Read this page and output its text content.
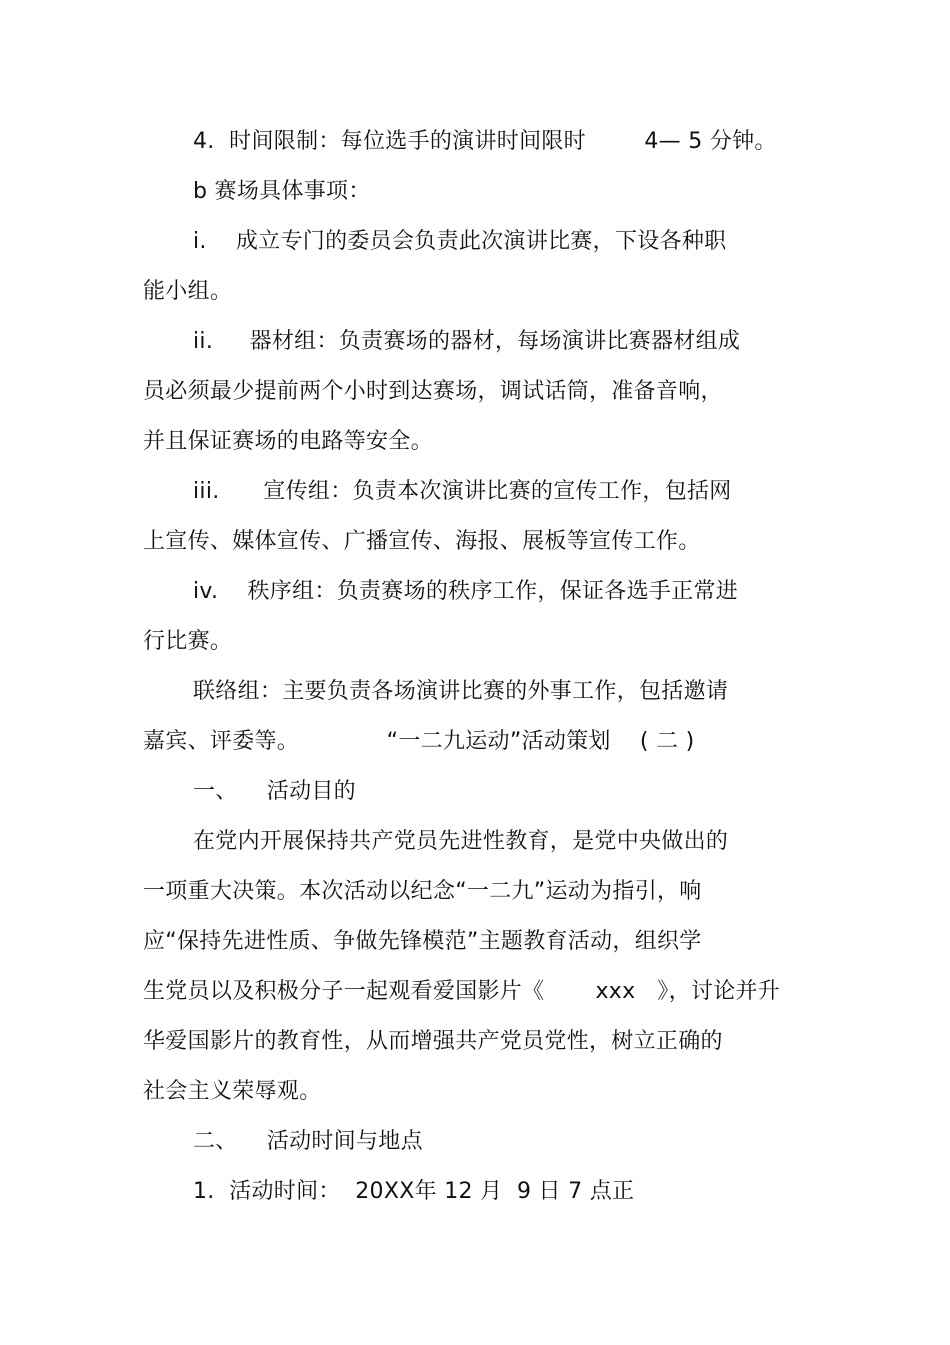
4.  时间限制：每位选手的演讲时间限时        4— 5 分钟。
b 赛场具体事项：
i.    成立专门的委员会负责此次演讲比赛，下设各种职
能小组。
ii.     器材组：负责赛场的器材，每场演讲比赛器材组成
员必须最少提前两个小时到达赛场，调试话筒，准备音响，
并且保证赛场的电路等安全。
iii.      宣传组：负责本次演讲比赛的宣传工作，包括网
上宣传、媒体宣传、广播宣传、海报、展板等宣传工作。
iv.    秩序组：负责赛场的秩序工作，保证各选手正常进
行比赛。
联络组：主要负责各场演讲比赛的外事工作，包括邀请
嘉宾、评委等。            “一二九运动”活动策划    ( 二 )
一、    活动目的
在党内开展保持共产党员先进性教育，是党中央做出的
一项重大决策。本次活动以纪念“一二九”运动为指引，响
应“保持先进性质、争做先锋模范”主题教育活动，组织学
生党员以及积极分子一起观看爱国影片《       xxx   》，讨论并升
华爱国影片的教育性，从而增强共产党员党性，树立正确的
社会主义荣辱观。
二、    活动时间与地点
1.  活动时间：  20XX年 12 月  9 日 7 点正
